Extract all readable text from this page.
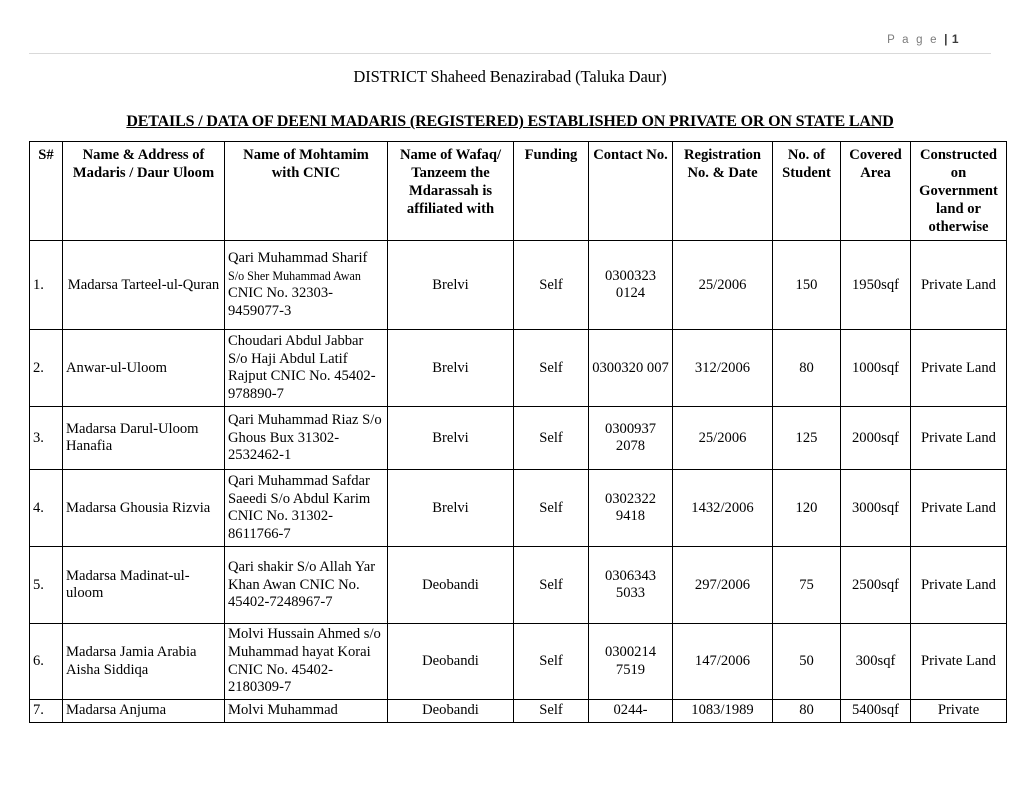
P a g e | 1
DISTRICT Shaheed Benazirabad (Taluka Daur)
DETAILS / DATA OF DEENI MADARIS (REGISTERED) ESTABLISHED ON PRIVATE OR ON STATE LAND
S#	Name & Address of Madaris / Daur Uloom	Name of Mohtamim with CNIC	Name of Wafaq/ Tanzeem the Mdarassah is affiliated with	Funding	Contact No.	Registration No. & Date	No. of Student	Covered Area	Constructed on Government land or otherwise
1.	Madarsa Tarteel-ul-Quran	Qari Muhammad Sharif S/o Sher Muhammad Awan CNIC No. 32303-9459077-3	Brelvi	Self	0300323 0124	25/2006	150	1950sqf	Private Land
2.	Anwar-ul-Uloom	Choudari Abdul Jabbar S/o Haji Abdul Latif Rajput CNIC No. 45402-978890-7	Brelvi	Self	0300320 007	312/2006	80	1000sqf	Private Land
3.	Madarsa Darul-Uloom Hanafia	Qari Muhammad Riaz S/o Ghous Bux 31302-2532462-1	Brelvi	Self	0300937 2078	25/2006	125	2000sqf	Private Land
4.	Madarsa Ghousia Rizvia	Qari Muhammad Safdar Saeedi S/o Abdul Karim CNIC No. 31302-8611766-7	Brelvi	Self	0302322 9418	1432/2006	120	3000sqf	Private Land
5.	Madarsa Madinat-ul-uloom	Qari shakir S/o Allah Yar Khan Awan CNIC No. 45402-7248967-7	Deobandi	Self	0306343 5033	297/2006	75	2500sqf	Private Land
6.	Madarsa Jamia Arabia Aisha Siddiqa	Molvi Hussain Ahmed s/o Muhammad hayat Korai CNIC No. 45402-2180309-7	Deobandi	Self	0300214 7519	147/2006	50	300sqf	Private Land
7.	Madarsa Anjuma	Molvi Muhammad	Deobandi	Self	0244-	1083/1989	80	5400sqf	Private
